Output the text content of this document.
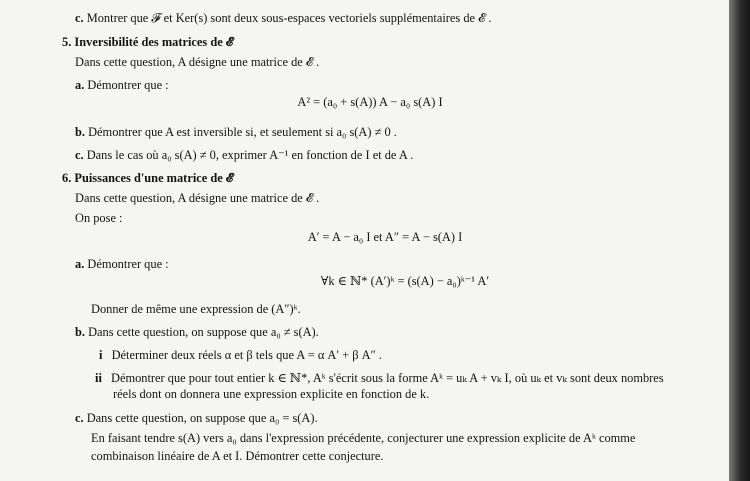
c. Montrer que 𝓕 et Ker(s) sont deux sous-espaces vectoriels supplémentaires de 𝓔 .
5. Inversibilité des matrices de 𝓔
Dans cette question, A désigne une matrice de 𝓔 .
a. Démontrer que :
A² = (a₀ + s(A)) A − a₀ s(A) I
b. Démontrer que A est inversible si, et seulement si a₀ s(A) ≠ 0 .
c. Dans le cas où a₀ s(A) ≠ 0, exprimer A⁻¹ en fonction de I et de A .
6. Puissances d'une matrice de 𝓔
Dans cette question, A désigne une matrice de 𝓔 .
On pose :
A′ = A − a₀ I et A″ = A − s(A) I
a. Démontrer que :
∀k ∈ ℕ* (A′)ᵏ = (s(A) − a₀)ᵏ⁻¹ A′
Donner de même une expression de (A″)ᵏ.
b. Dans cette question, on suppose que a₀ ≠ s(A).
i Déterminer deux réels α et β tels que A = α A′ + β A″ .
ii Démontrer que pour tout entier k ∈ ℕ*, Aᵏ s'écrit sous la forme Aᵏ = uₖ A + vₖ I, où uₖ et vₖ sont deux nombres
réels dont on donnera une expression explicite en fonction de k.
c. Dans cette question, on suppose que a₀ = s(A).
En faisant tendre s(A) vers a₀ dans l'expression précédente, conjecturer une expression explicite de Aᵏ comme
combinaison linéaire de A et I. Démontrer cette conjecture.
